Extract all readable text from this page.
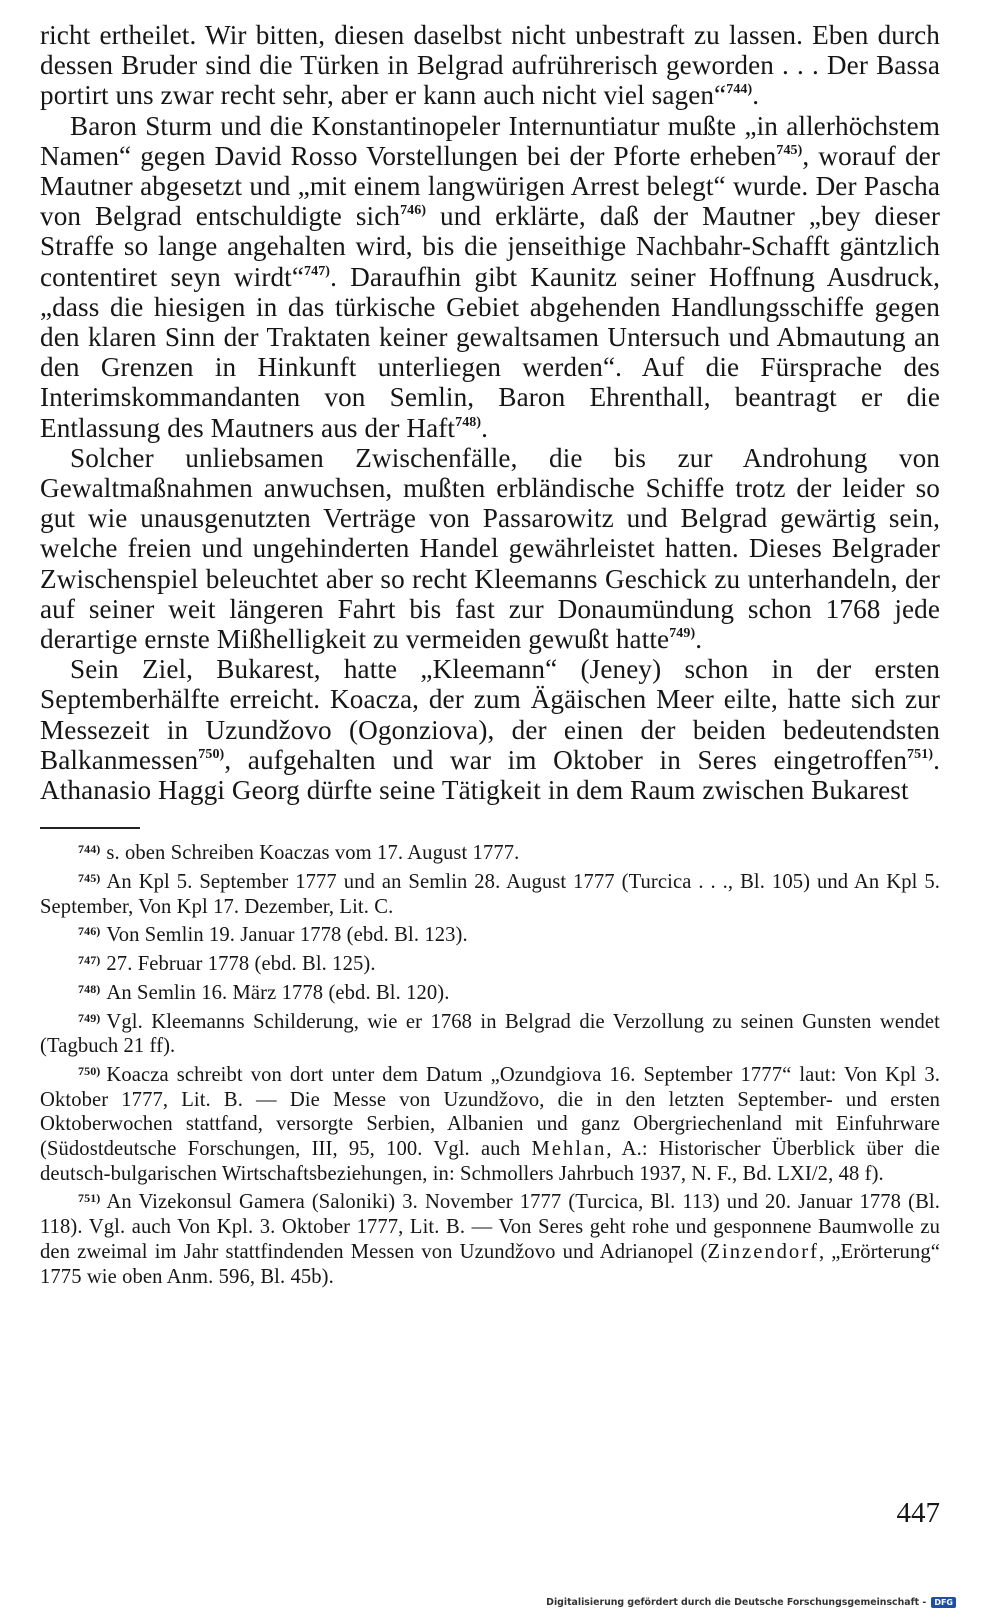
richt ertheilet. Wir bitten, diesen daselbst nicht unbestraft zu lassen. Eben durch dessen Bruder sind die Türken in Belgrad aufrührerisch geworden . . . Der Bassa portirt uns zwar recht sehr, aber er kann auch nicht viel sagen“$^{744)}$.

Baron Sturm und die Konstantinopeler Internuntiatur mußte „in allerhöchstem Namen“ gegen David Rosso Vorstellungen bei der Pforte erheben$^{745)}$, worauf der Mautner abgesetzt und „mit einem langwürigen Arrest belegt“ wurde. Der Pascha von Belgrad entschuldigte sich$^{746)}$ und erklärte, daß der Mautner „bey dieser Straffe so lange angehalten wird, bis die jenseithige Nachbahr-Schafft gäntzlich contentiret seyn wirdt“$^{747)}$. Daraufhin gibt Kaunitz seiner Hoffnung Ausdruck, „dass die hiesigen in das türkische Gebiet abgehenden Handlungsschiffe gegen den klaren Sinn der Traktaten keiner gewaltsamen Untersuch und Abmautung an den Grenzen in Hinkunft unterliegen werden“. Auf die Fürsprache des Interimskommandanten von Semlin, Baron Ehrenthall, beantragt er die Entlassung des Mautners aus der Haft$^{748)}$.

Solcher unliebsamen Zwischenfälle, die bis zur Androhung von Gewaltmaßnahmen anwuchsen, mußten erbländische Schiffe trotz der leider so gut wie unausgenutzten Verträge von Passarowitz und Belgrad gewärtig sein, welche freien und ungehinderten Handel gewährleistet hatten. Dieses Belgrader Zwischenspiel beleuchtet aber so recht Kleemanns Geschick zu unterhandeln, der auf seiner weit längeren Fahrt bis fast zur Donaumündung schon 1768 jede derartige ernste Mißhelligkeit zu vermeiden gewußt hatte$^{749)}$.

Sein Ziel, Bukarest, hatte „Kleemann“ (Jeney) schon in der ersten Septemberhälfte erreicht. Koacza, der zum Ägäischen Meer eilte, hatte sich zur Messezeit in Uzundžovo (Ogonziova), der einen der beiden bedeutendsten Balkanmessen$^{750)}$, aufgehalten und war im Oktober in Seres eingetroffen$^{751)}$. Athanasio Haggi Georg dürfte seine Tätigkeit in dem Raum zwischen Bukarest

$^{744)}$ s. oben Schreiben Koaczas vom 17. August 1777.

$^{745)}$ An Kpl 5. September 1777 und an Semlin 28. August 1777 (Turcica . . ., Bl. 105) und An Kpl 5. September, Von Kpl 17. Dezember, Lit. C.

$^{746)}$ Von Semlin 19. Januar 1778 (ebd. Bl. 123).

$^{747)}$ 27. Februar 1778 (ebd. Bl. 125).

$^{748)}$ An Semlin 16. März 1778 (ebd. Bl. 120).

$^{749)}$ Vgl. Kleemanns Schilderung, wie er 1768 in Belgrad die Verzollung zu seinen Gunsten wendet (Tagbuch 21 ff).

$^{750)}$ Koacza schreibt von dort unter dem Datum „Ozundgiova 16. September 1777“ laut: Von Kpl 3. Oktober 1777, Lit. B. — Die Messe von Uzundžovo, die in den letzten September- und ersten Oktoberwochen stattfand, versorgte Serbien, Albanien und ganz Obergriechenland mit Einfuhrware (Südostdeutsche Forschungen, III, 95, 100. Vgl. auch Mehlan, A.: Historischer Überblick über die deutsch-bulgarischen Wirtschaftsbeziehungen, in: Schmollers Jahrbuch 1937, N. F., Bd. LXI/2, 48 f).

$^{751)}$ An Vizekonsul Gamera (Saloniki) 3. November 1777 (Turcica, Bl. 113) und 20. Januar 1778 (Bl. 118). Vgl. auch Von Kpl. 3. Oktober 1777, Lit. B. — Von Seres geht rohe und gesponnene Baumwolle zu den zweimal im Jahr stattfindenden Messen von Uzundžovo und Adrianopel (Zinzendorf, „Erörterung“ 1775 wie oben Anm. 596, Bl. 45b).

447
Digitalisierung gefördert durch die Deutsche Forschungsgemeinschaft -	DFG
